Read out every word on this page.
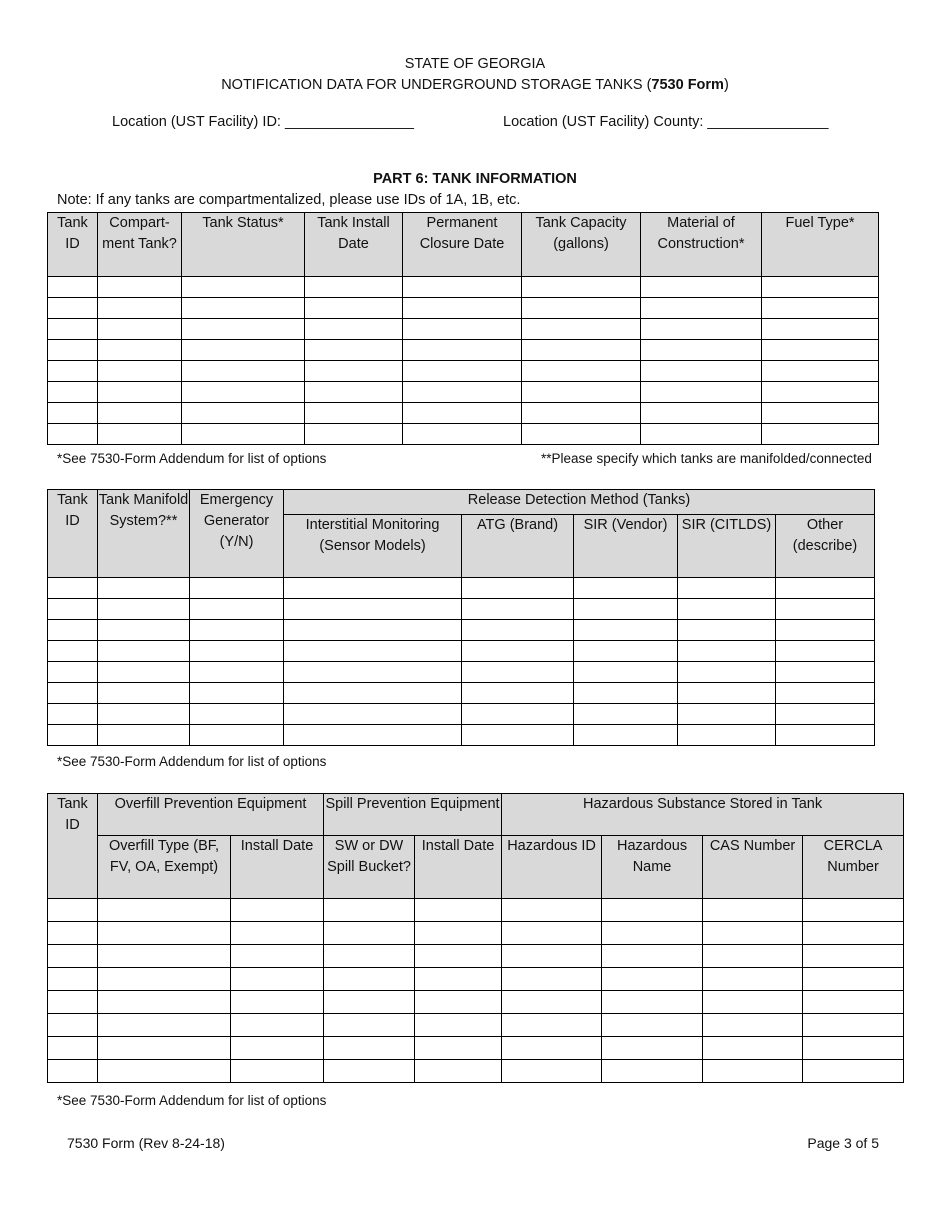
STATE OF GEORGIA
NOTIFICATION DATA FOR UNDERGROUND STORAGE TANKS (7530 Form)
Location (UST Facility) ID: ________________	Location (UST Facility) County: _______________
PART 6: TANK INFORMATION
Note: If any tanks are compartmentalized, please use IDs of 1A, 1B, etc.
Tank ID	Compart-ment Tank?	Tank Status*	Tank Install Date	Permanent Closure Date	Tank Capacity (gallons)	Material of Construction*	Fuel Type*

*See 7530-Form Addendum for list of options	**Please specify which tanks are manifolded/connected
Tank ID	Tank Manifold System?**	Emergency Generator (Y/N)	Release Detection Method (Tanks)				
			Interstitial Monitoring (Sensor Models)	ATG (Brand)	SIR (Vendor)	SIR (CITLDS)	Other (describe)

*See 7530-Form Addendum for list of options
Tank ID	Overfill Prevention Equipment		Spill Prevention Equipment		Hazardous Substance Stored in Tank			
	Overfill Type (BF, FV, OA, Exempt)	Install Date	SW or DW Spill Bucket?	Install Date	Hazardous ID	Hazardous Name	CAS Number	CERCLA Number

*See 7530-Form Addendum for list of options
7530 Form (Rev 8-24-18)	Page 3 of 5
